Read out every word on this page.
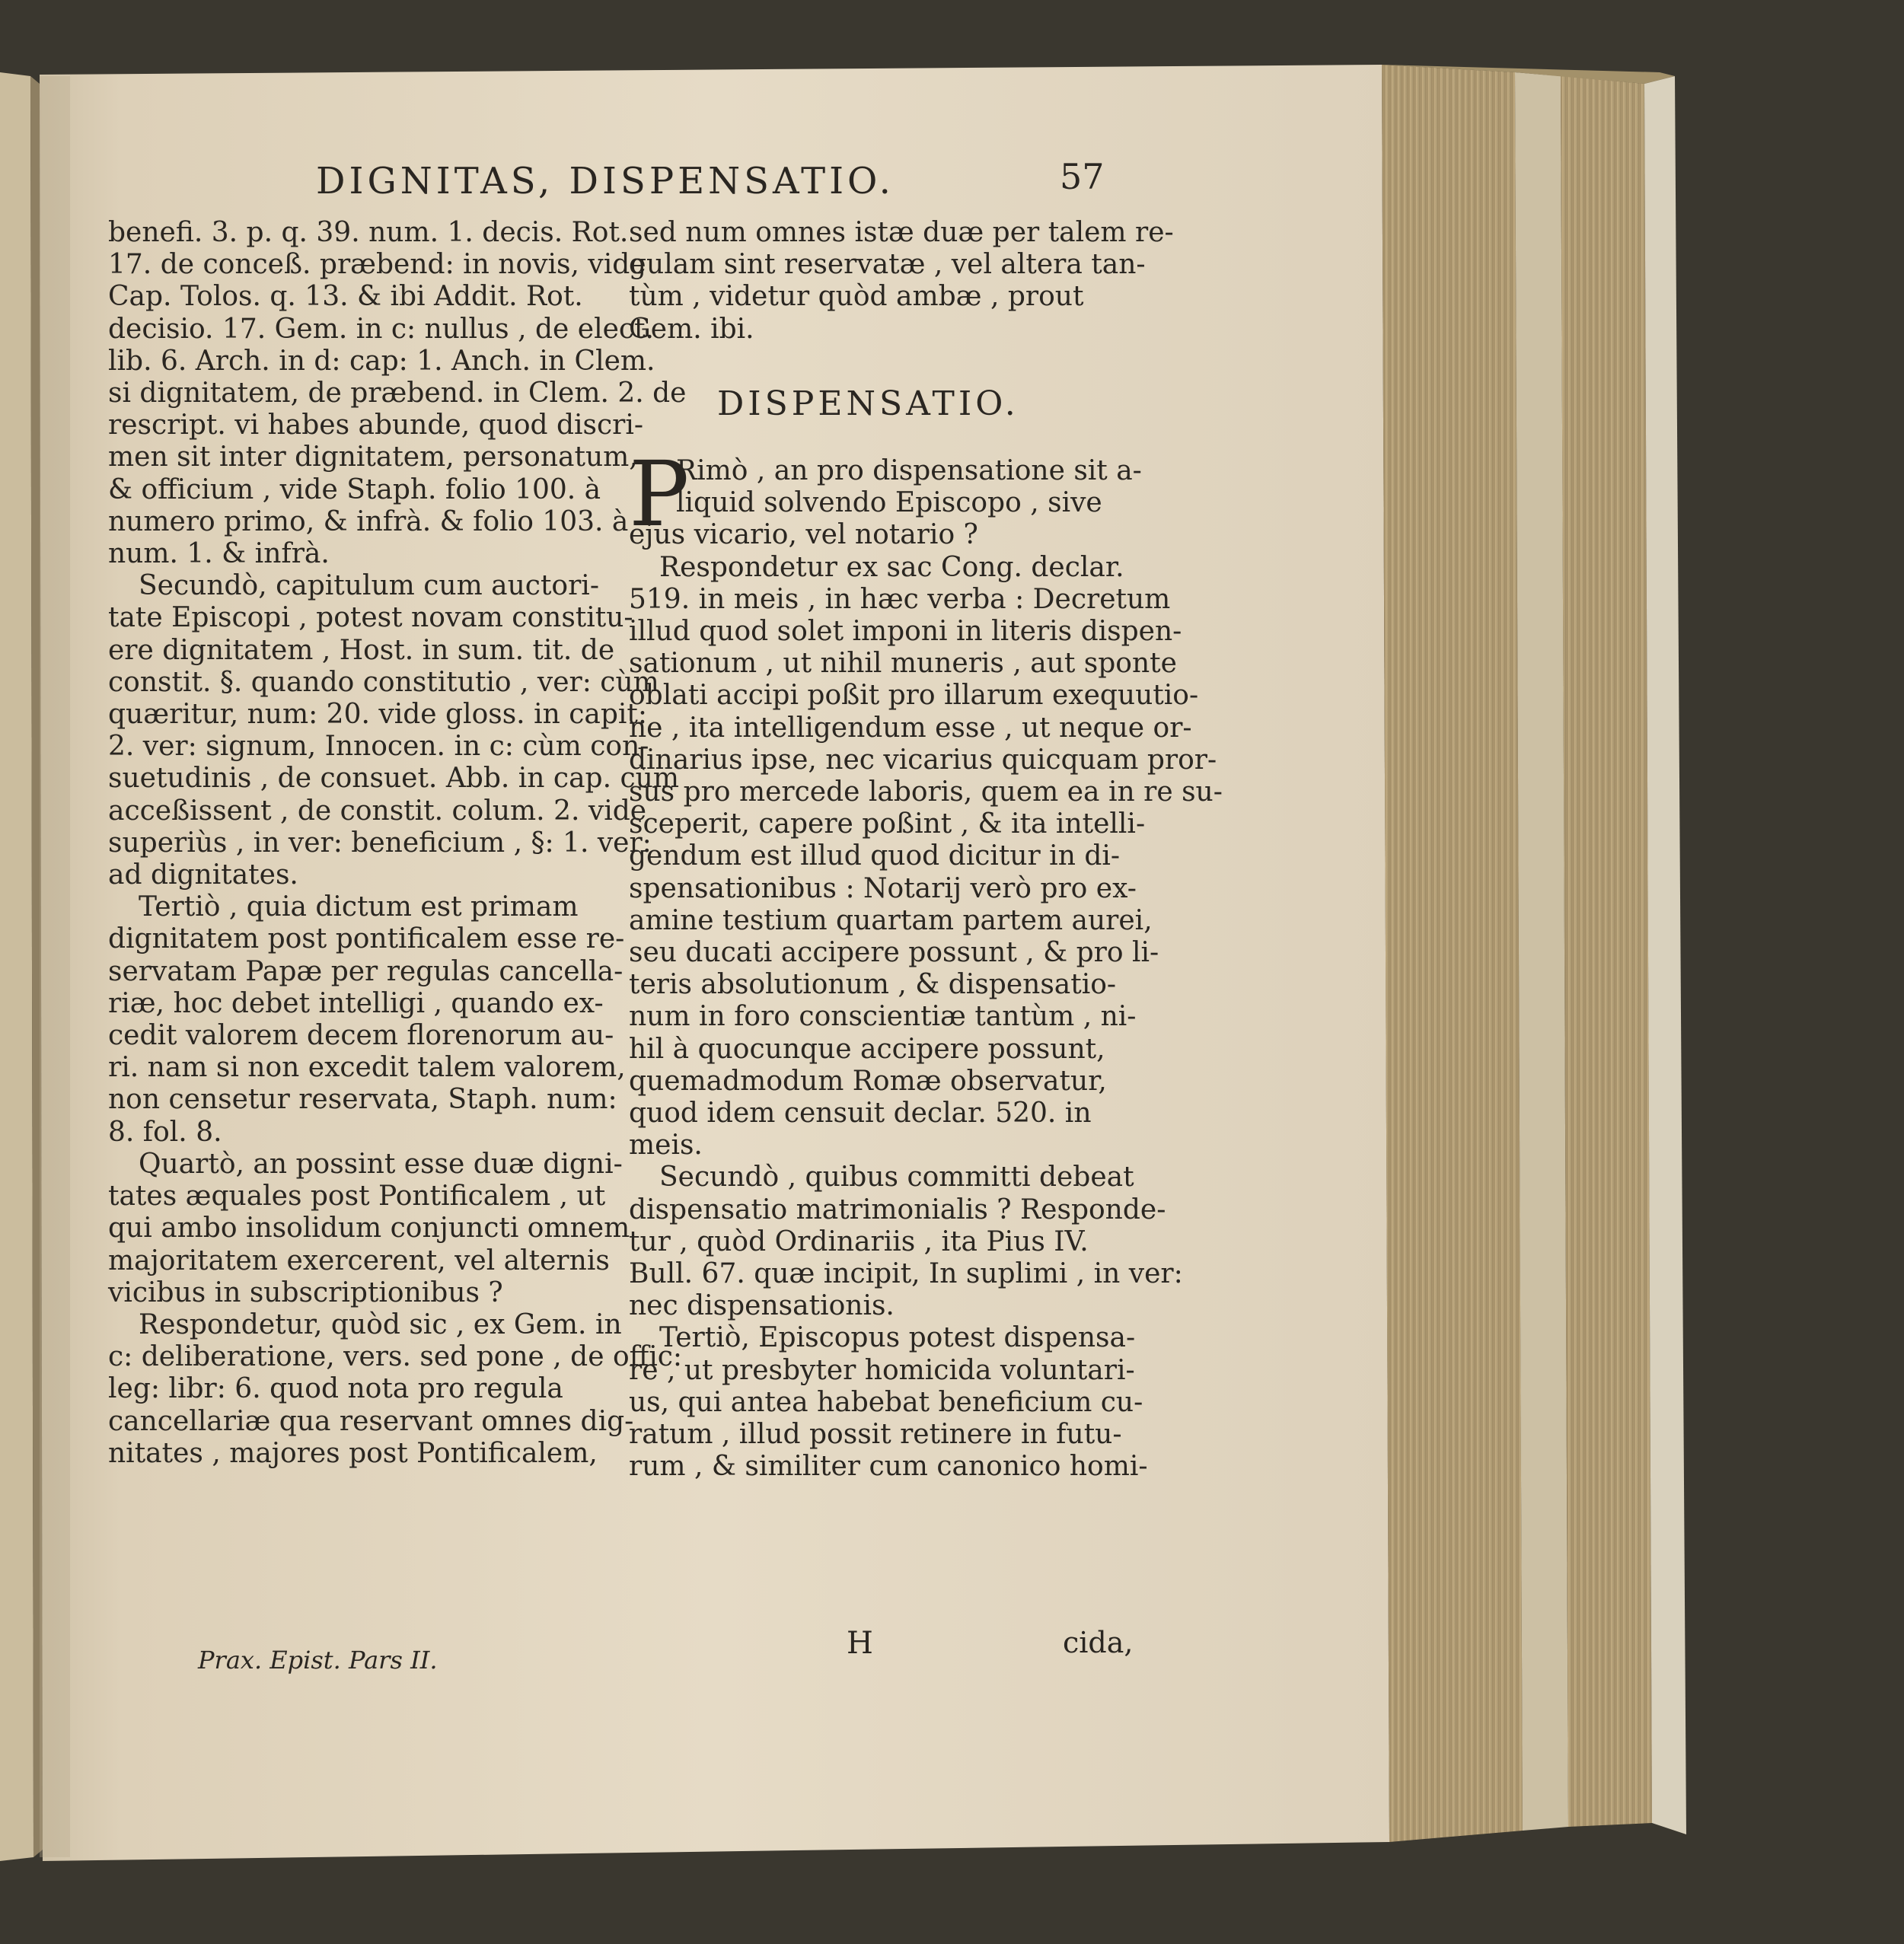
DIGNITAS, DISPENSATIO.	57

benefi. 3. p. q. 39. num. 1. decis. Rot.

17. de conceß. præbend: in novis, vide

Cap. Tolos. q. 13. & ibi Addit. Rot.

decisio. 17. Gem. in c: nullus , de elect.

lib. 6. Arch. in d: cap: 1. Anch. in Clem.

si dignitatem, de præbend. in Clem. 2. de

rescript. vi habes abunde, quod discri-

men sit inter dignitatem, personatum,

& officium , vide Staph. folio 100. à

numero primo, & infrà. & folio 103. à

num. 1. & infrà.

Secundò, capitulum cum auctori-

tate Episcopi , potest novam constitu-

ere dignitatem , Host. in sum. tit. de

constit. §. quando constitutio , ver: cùm

quæritur, num: 20. vide gloss. in capit:

2. ver: signum, Innocen. in c: cùm con-

suetudinis , de consuet. Abb. in cap. cùm

acceßissent , de constit. colum. 2. vide

superiùs , in ver: beneficium , §: 1. ver:

ad dignitates.

Tertiò , quia dictum est primam

dignitatem post pontificalem esse re-

servatam Papæ per regulas cancella-

riæ, hoc debet intelligi , quando ex-

cedit valorem decem florenorum au-

ri. nam si non excedit talem valorem,

non censetur reservata, Staph. num:

8. fol. 8.

Quartò, an possint esse duæ digni-

tates æquales post Pontificalem , ut

qui ambo insolidum conjuncti omnem

majoritatem exercerent, vel alternis

vicibus in subscriptionibus ?

Respondetur, quòd sic , ex Gem. in

c: deliberatione, vers. sed pone , de offic:

leg: libr: 6. quod nota pro regula

cancellariæ qua reservant omnes dig-

nitates , majores post Pontificalem,

sed num omnes istæ duæ per talem re-

gulam sint reservatæ , vel altera tan-

tùm , videtur quòd ambæ , prout

Gem. ibi.

DISPENSATIO.
P

Rimò , an pro dispensatione sit a-

liquid solvendo Episcopo , sive

ejus vicario, vel notario ?

Respondetur ex sac Cong. declar.

519. in meis , in hæc verba : Decretum

illud quod solet imponi in literis dispen-

sationum , ut nihil muneris , aut sponte

oblati accipi poßit pro illarum exequutio-

ne , ita intelligendum esse , ut neque or-

dinarius ipse, nec vicarius quicquam pror-

sus pro mercede laboris, quem ea in re su-

sceperit, capere poßint , & ita intelli-

gendum est illud quod dicitur in di-

spensationibus : Notarij verò pro ex-

amine testium quartam partem aurei,

seu ducati accipere possunt , & pro li-

teris absolutionum , & dispensatio-

num in foro conscientiæ tantùm , ni-

hil à quocunque accipere possunt,

quemadmodum Romæ observatur,

quod idem censuit declar. 520. in

meis.

Secundò , quibus committi debeat

dispensatio matrimonialis ? Responde-

tur , quòd Ordinariis , ita Pius IV.

Bull. 67. quæ incipit, In suplimi , in ver:

nec dispensationis.

Tertiò, Episcopus potest dispensa-

re , ut presbyter homicida voluntari-

us, qui antea habebat beneficium cu-

ratum , illud possit retinere in futu-

rum , & similiter cum canonico homi-

Prax. Epist. Pars II.	H	cida,
